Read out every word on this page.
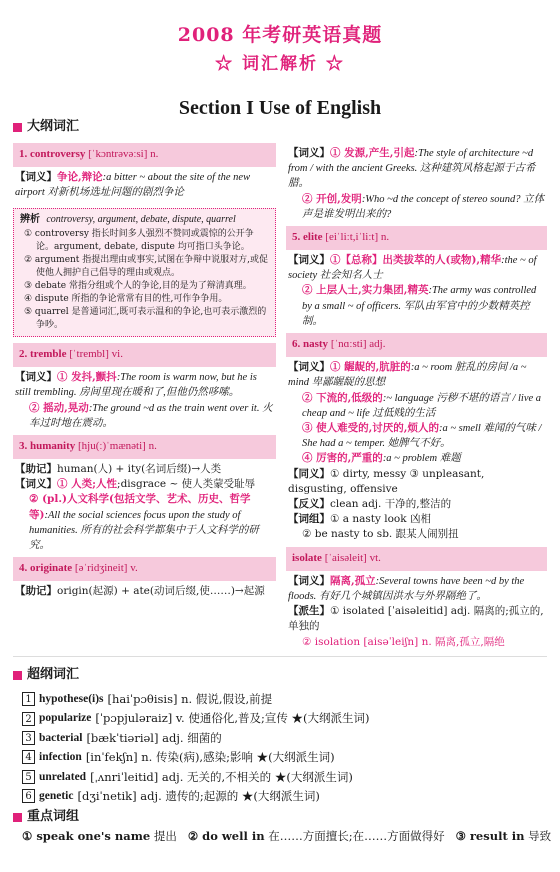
2008 年考研英语真题
☆ 词汇解析 ☆
Section I Use of English
大纲词汇
1. controversy [ˈkɔntrəvəːsi] n.
【词义】争论,辩论:a bitter ~ about the site of the new airport 对新机场选址问题的剧烈争论
辨析 controversy, argument, debate, dispute, quarrel
① controversy 指长时间多人强烈不赞同或震惊的公开争论。argument, debate, dispute 均可指口头争论。
② argument 指提出理由或事实,试图在争辩中说服对方,或促使他人拥护自己倡导的理由或观点。
③ debate 常指分组或个人的争论,目的是为了辩清真理。
④ dispute 所指的争论常常有目的性,可作争争用。
⑤ quarrel 是普通词汇,既可表示温和的争论,也可表示激烈的争吵。
2. tremble [ˈtrembl] vi.
【词义】① 发抖,颤抖:The room is warm now, but he is still trembling. 房间里现在暖和了,但他仍然哆嗦。
② 摇动,晃动:The ground ~d as the train went over it. 火车过时地在震动。
3. humanity [hju(ː)ˈmænəti] n.
【助记】human(人) + ity(名词后缀)→人类
【词义】① 人类;人性;disgrace ~ 使人类蒙受耻辱
② (pl.)人文科学(包括文学、艺术、历史、哲学等):All the social sciences focus upon the study of humanities. 所有的社会科学都集中于人文科学的研究。
4. originate [əˈridʒineit] v.
【助记】origin(起源) + ate(动词后缀,使……)→起源
【词义】① 发源,产生,引起:The style of architecture ~d from / with the ancient Greeks. 这种建筑风格起源于古希腊。
② 开创,发明:Who ~d the concept of stereo sound? 立体声是谁发明出来的?
5. elite [eiˈliːt,iˈliːt] n.
【词义】①【总称】出类拔萃的人(或物),精华:the ~ of society 社会知名人士
② 上层人士,实力集团,精英:The army was controlled by a small ~ of officers. 军队由军官中的少数精英控制。
6. nasty [ˈnɑːsti] adj.
【词义】① 龌龊的,肮脏的:a ~ room 脏乱的房间 /a ~ mind 卑鄙龌龊的思想
② 下流的,低级的:~ language 污秽不堪的语言 / live a cheap and ~ life 过低贱的生活
③ 使人难受的,讨厌的,烦人的:a ~ smell 难闻的气味 / She had a ~ temper. 她脾气不好。
④ 厉害的,严重的:a ~ problem 难题
【同义】① dirty, messy ③ unpleasant, disgusting, offensive
【反义】clean adj. 干净的,整洁的
【词组】① a nasty look 凶相
② be nasty to sb. 跟某人闹别扭
isolate [ˈaisəleit] vt.
【词义】隔离,孤立:Several towns have been ~d by the floods. 有好几个城镇因洪水与外界隔绝了。
【派生】① isolated [ˈaisəleitid] adj. 隔离的;孤立的,单独的
② isolation [aisəˈleiʃn] n. 隔离,孤立,隔绝
超纲词汇
1 hypothese(i)s [haiˈpɔθisis] n. 假说,假设,前提
2 popularize [ˈpɔpjuləraiz] v. 使通俗化,普及;宣传 ★(大纲派生词)
3 bacterial [bækˈtiəriəl] adj. 细菌的
4 infection [inˈfekʃn] n. 传染(病),感染;影响 ★(大纲派生词)
5 unrelated [ˌʌnriˈleitid] adj. 无关的,不相关的 ★(大纲派生词)
6 genetic [dʒiˈnetik] adj. 遗传的;起源的 ★(大纲派生词)
重点词组
① speak one's name 提出 ② do well in 在……方面擅长;在……方面做得好 ③ result in 导致
